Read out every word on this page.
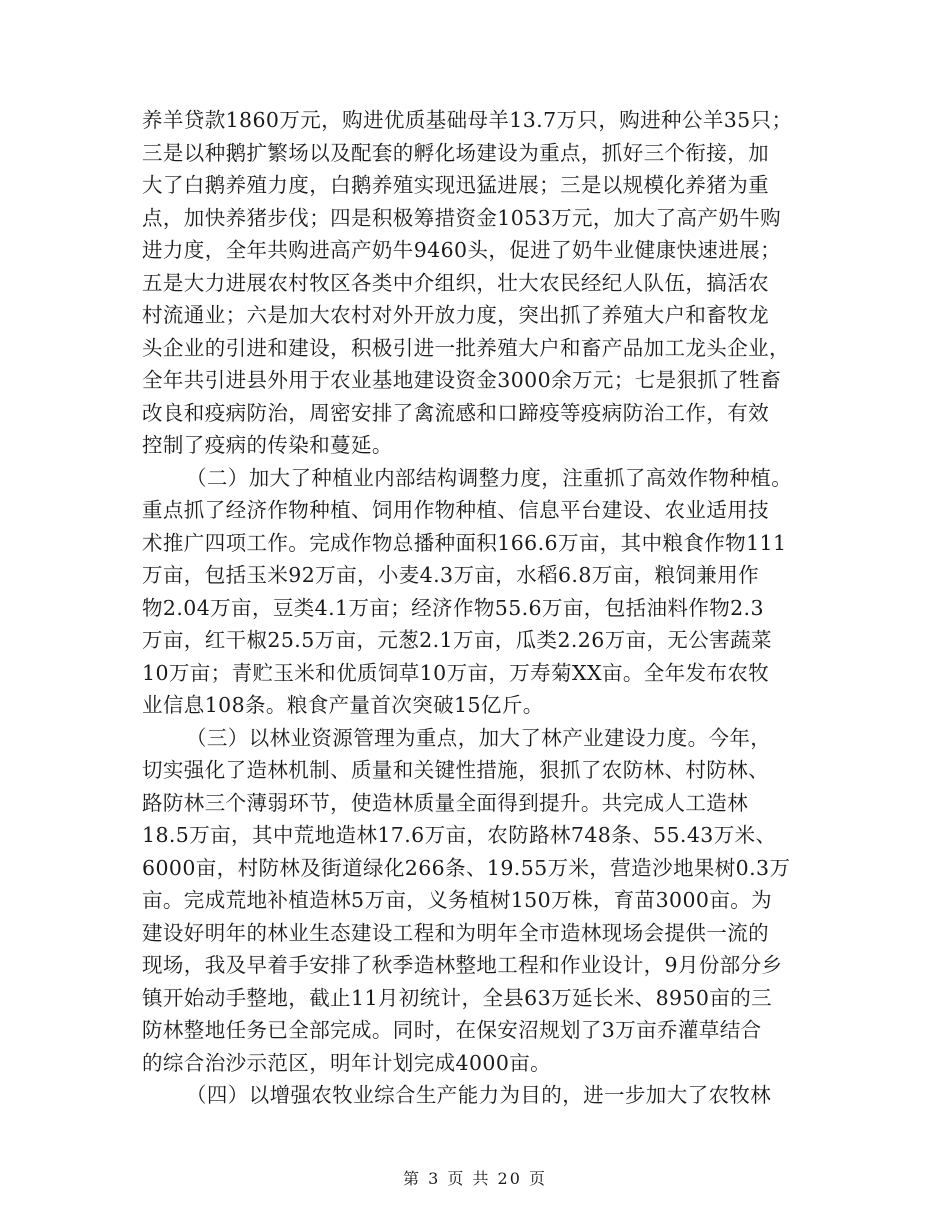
养羊贷款1860万元，购进优质基础母羊13.7万只，购进种公羊35只；
三是以种鹅扩繁场以及配套的孵化场建设为重点，抓好三个衔接，加
大了白鹅养殖力度，白鹅养殖实现迅猛进展；三是以规模化养猪为重
点，加快养猪步伐；四是积极筹措资金1053万元，加大了高产奶牛购
进力度，全年共购进高产奶牛9460头，促进了奶牛业健康快速进展；
五是大力进展农村牧区各类中介组织，壮大农民经纪人队伍，搞活农
村流通业；六是加大农村对外开放力度，突出抓了养殖大户和畜牧龙
头企业的引进和建设，积极引进一批养殖大户和畜产品加工龙头企业，
全年共引进县外用于农业基地建设资金3000余万元；七是狠抓了牲畜
改良和疫病防治，周密安排了禽流感和口蹄疫等疫病防治工作，有效
控制了疫病的传染和蔓延。
（二）加大了种植业内部结构调整力度，注重抓了高效作物种植。
重点抓了经济作物种植、饲用作物种植、信息平台建设、农业适用技
术推广四项工作。完成作物总播种面积166.6万亩，其中粮食作物111
万亩，包括玉米92万亩，小麦4.3万亩，水稻6.8万亩，粮饲兼用作
物2.04万亩，豆类4.1万亩；经济作物55.6万亩，包括油料作物2.3
万亩，红干椒25.5万亩，元葱2.1万亩，瓜类2.26万亩，无公害蔬菜
10万亩；青贮玉米和优质饲草10万亩，万寿菊XX亩。全年发布农牧
业信息108条。粮食产量首次突破15亿斤。
（三）以林业资源管理为重点，加大了林产业建设力度。今年，
切实强化了造林机制、质量和关键性措施，狠抓了农防林、村防林、
路防林三个薄弱环节，使造林质量全面得到提升。共完成人工造林
18.5万亩，其中荒地造林17.6万亩，农防路林748条、55.43万米、
6000亩，村防林及街道绿化266条、19.55万米，营造沙地果树0.3万
亩。完成荒地补植造林5万亩，义务植树150万株，育苗3000亩。为
建设好明年的林业生态建设工程和为明年全市造林现场会提供一流的
现场，我及早着手安排了秋季造林整地工程和作业设计，9月份部分乡
镇开始动手整地，截止11月初统计，全县63万延长米、8950亩的三
防林整地任务已全部完成。同时，在保安沼规划了3万亩乔灌草结合
的综合治沙示范区，明年计划完成4000亩。
（四）以增强农牧业综合生产能力为目的，进一步加大了农牧林
第 3 页 共 20 页
